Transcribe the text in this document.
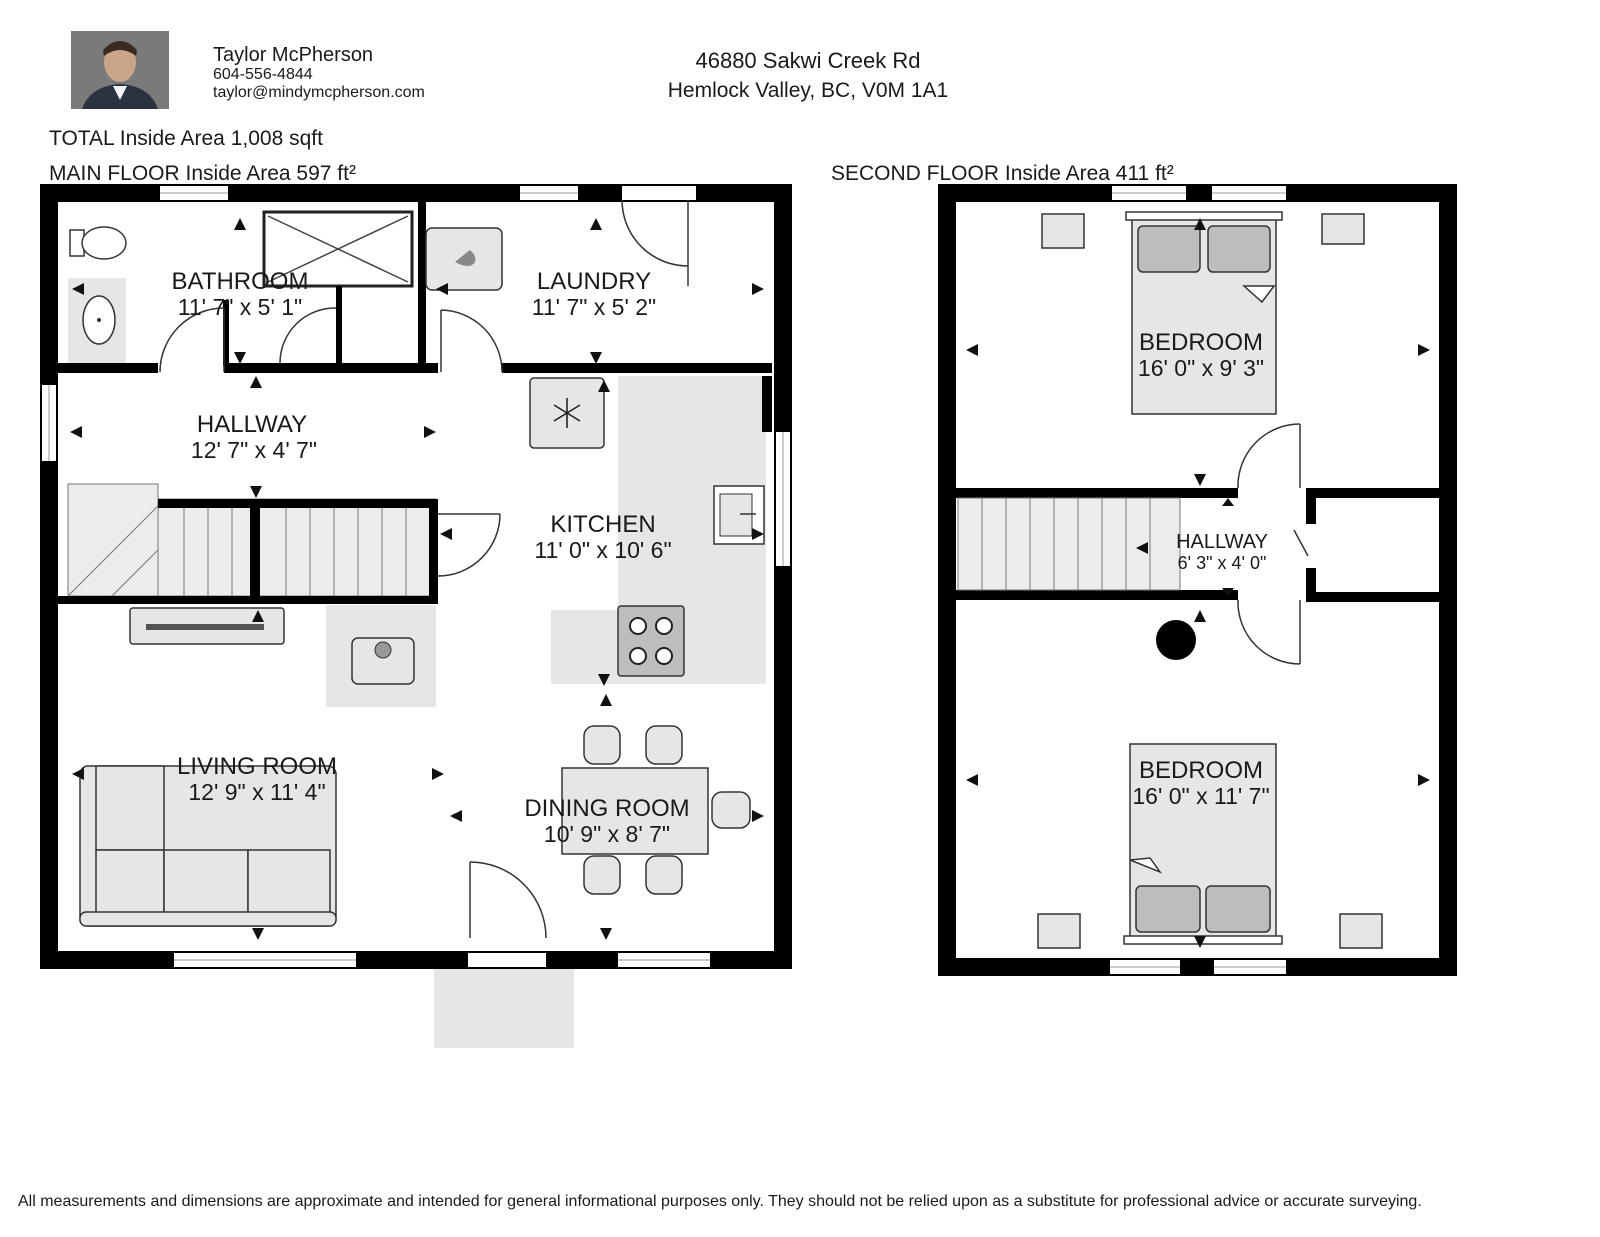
BATHROOM
11' 7" x 5' 1"
LAUNDRY
11' 7" x 5' 2"
HALLWAY
12' 7" x 4' 7"
KITCHEN
11' 0" x 10' 6"
LIVING ROOM
12' 9" x 11' 4"
DINING ROOM
10' 9" x 8' 7"
BEDROOM
16' 0" x 9' 3"
HALLWAY
6' 3" x 4' 0"
BEDROOM
16' 0" x 11' 7"
Taylor McPherson
604-556-4844
taylor@mindymcpherson.com
46880 Sakwi Creek Rd
Hemlock Valley, BC, V0M 1A1
TOTAL Inside Area 1,008 sqft
MAIN FLOOR Inside Area 597 ft²	SECOND FLOOR Inside Area 411 ft²
All measurements and dimensions are approximate and intended for general informational purposes only. They should not be relied upon as a substitute for professional advice or accurate surveying.
